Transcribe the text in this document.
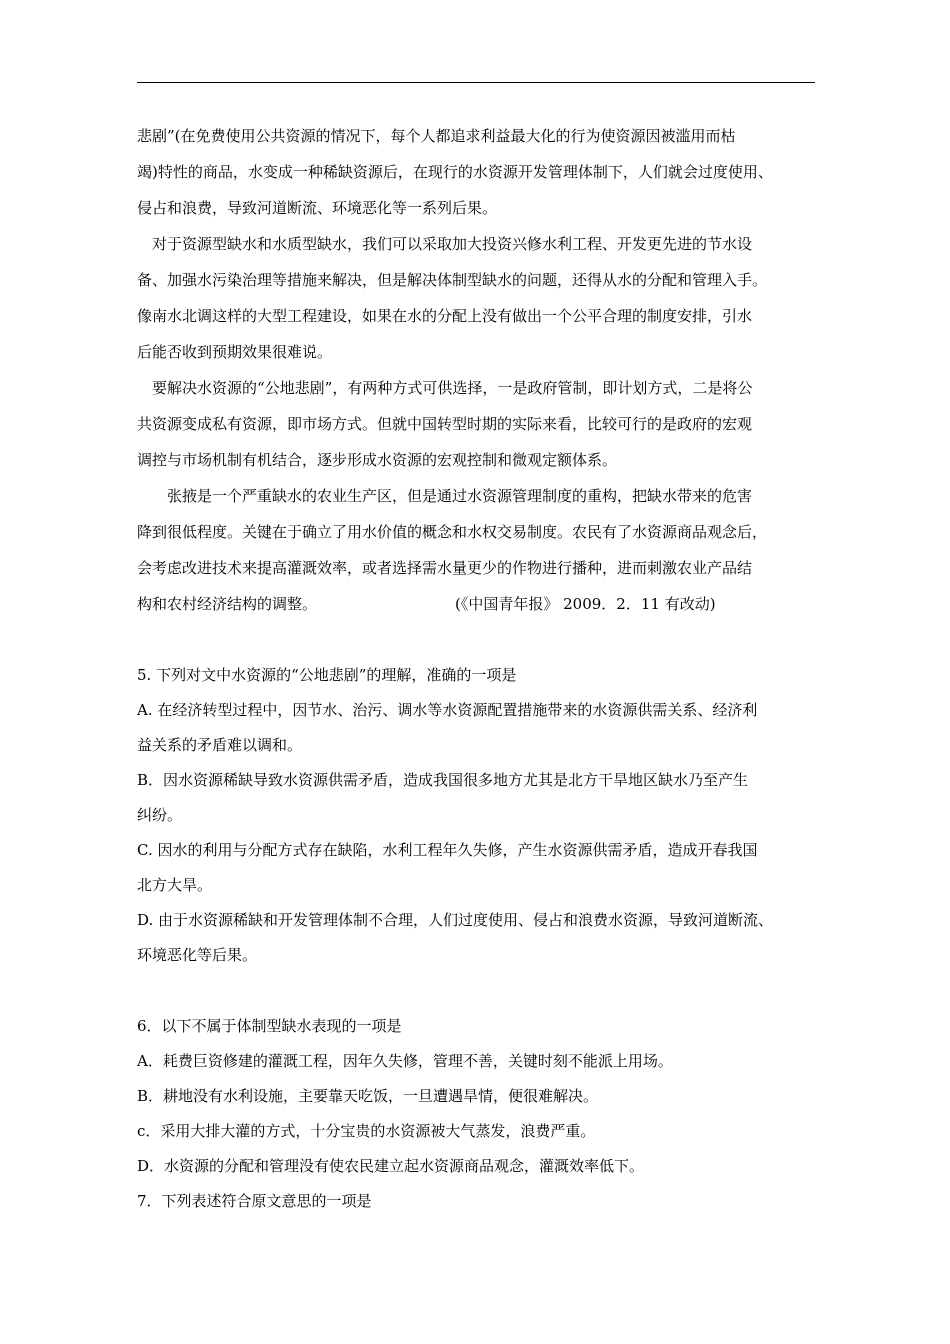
悲剧”(在免费使用公共资源的情况下，每个人都追求利益最大化的行为使资源因被滥用而枯
竭)特性的商品，水变成一种稀缺资源后，在现行的水资源开发管理体制下，人们就会过度使用、
侵占和浪费，导致河道断流、环境恶化等一系列后果。
对于资源型缺水和水质型缺水，我们可以采取加大投资兴修水利工程、开发更先进的节水设
备、加强水污染治理等措施来解决，但是解决体制型缺水的问题，还得从水的分配和管理入手。
像南水北调这样的大型工程建设，如果在水的分配上没有做出一个公平合理的制度安排，引水
后能否收到预期效果很难说。
要解决水资源的“公地悲剧”，有两种方式可供选择，一是政府管制，即计划方式，二是将公
共资源变成私有资源，即市场方式。但就中国转型时期的实际来看，比较可行的是政府的宏观
调控与市场机制有机结合，逐步形成水资源的宏观控制和微观定额体系。
张掖是一个严重缺水的农业生产区，但是通过水资源管理制度的重构，把缺水带来的危害
降到很低程度。关键在于确立了用水价值的概念和水权交易制度。农民有了水资源商品观念后，
会考虑改进技术来提高灌溉效率，或者选择需水量更少的作物进行播种，进而刺激农业产品结
构和农村经济结构的调整。	(《中国青年报》 2009．2．11 有改动)
5. 下列对文中水资源的“公地悲剧”的理解，准确的一项是
A. 在经济转型过程中，因节水、治污、调水等水资源配置措施带来的水资源供需关系、经济利
益关系的矛盾难以调和。
B．因水资源稀缺导致水资源供需矛盾，造成我国很多地方尤其是北方干旱地区缺水乃至产生
纠纷。
C. 因水的利用与分配方式存在缺陷，水利工程年久失修，产生水资源供需矛盾，造成开春我国
北方大旱。
D. 由于水资源稀缺和开发管理体制不合理，人们过度使用、侵占和浪费水资源，导致河道断流、
环境恶化等后果。
6．以下不属于体制型缺水表现的一项是
A．耗费巨资修建的灌溉工程，因年久失修，管理不善，关键时刻不能派上用场。
B．耕地没有水利设施，主要靠天吃饭，一旦遭遇旱情，便很难解决。
c．采用大排大灌的方式，十分宝贵的水资源被大气蒸发，浪费严重。
D．水资源的分配和管理没有使农民建立起水资源商品观念，灌溉效率低下。
7．下列表述符合原文意思的一项是
